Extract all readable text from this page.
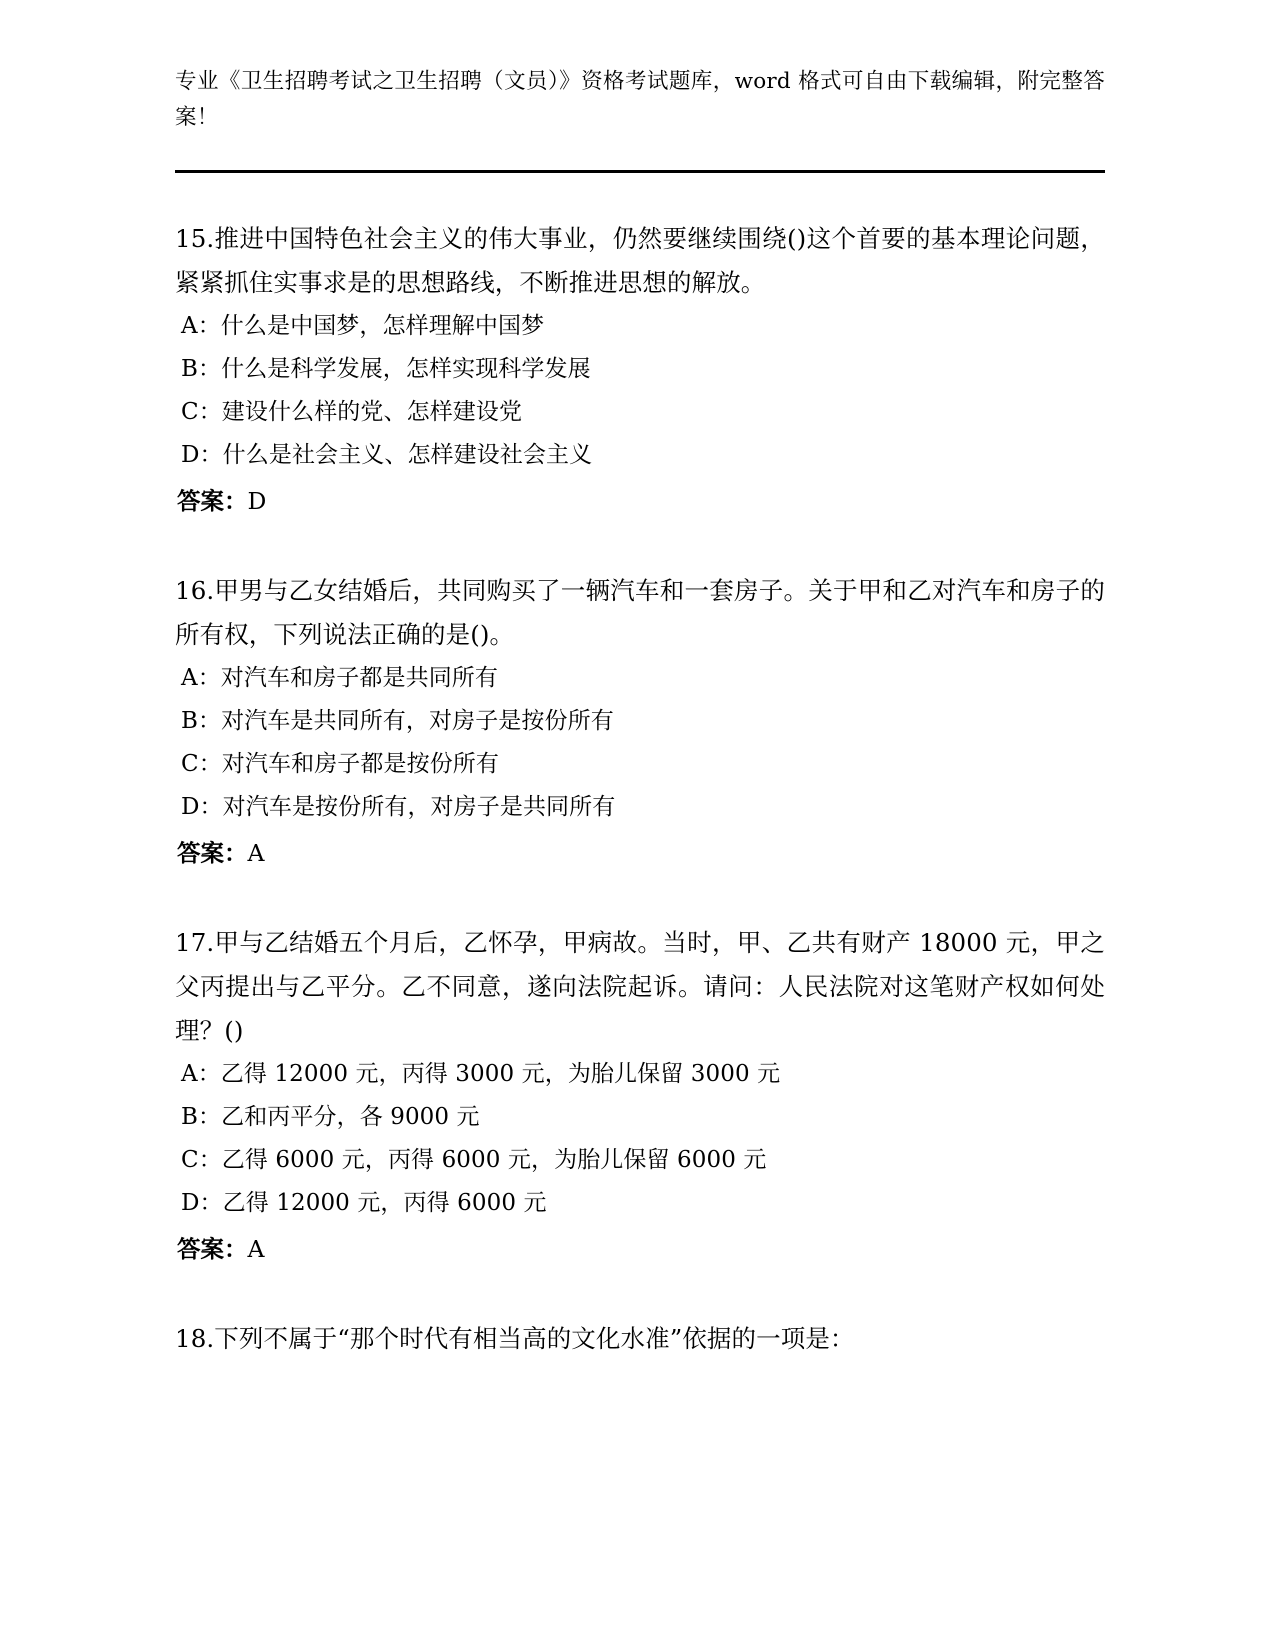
专业《卫生招聘考试之卫生招聘（文员）》资格考试题库，word 格式可自由下载编辑，附完整答案！
15.推进中国特色社会主义的伟大事业，仍然要继续围绕()这个首要的基本理论问题，紧紧抓住实事求是的思想路线，不断推进思想的解放。
A：什么是中国梦，怎样理解中国梦
B：什么是科学发展，怎样实现科学发展
C：建设什么样的党、怎样建设党
D：什么是社会主义、怎样建设社会主义
答案：D
16.甲男与乙女结婚后，共同购买了一辆汽车和一套房子。关于甲和乙对汽车和房子的所有权，下列说法正确的是()。
A：对汽车和房子都是共同所有
B：对汽车是共同所有，对房子是按份所有
C：对汽车和房子都是按份所有
D：对汽车是按份所有，对房子是共同所有
答案：A
17.甲与乙结婚五个月后，乙怀孕，甲病故。当时，甲、乙共有财产 18000 元，甲之父丙提出与乙平分。乙不同意，遂向法院起诉。请问：人民法院对这笔财产权如何处理？()
A：乙得 12000 元，丙得 3000 元，为胎儿保留 3000 元
B：乙和丙平分，各 9000 元
C：乙得 6000 元，丙得 6000 元，为胎儿保留 6000 元
D：乙得 12000 元，丙得 6000 元
答案：A
18.下列不属于“那个时代有相当高的文化水准”依据的一项是：
